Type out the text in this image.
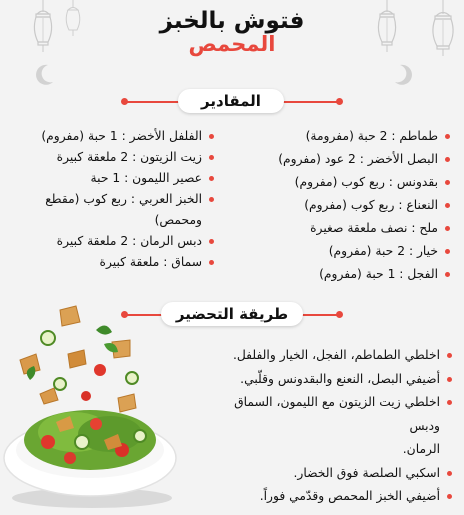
فتوش بالخبز
المحمص
المقادير
طماطم : 2 حبة (مفرومة)
البصل الأخضر : 2 عود (مفروم)
بقدونس : ربع كوب (مفروم)
النعناع : ربع كوب (مفروم)
ملح : نصف ملعقة صغيرة
خيار : 2 حبة (مفروم)
الفجل : 1 حبة (مفروم)
الفلفل الأخضر : 1 حبة (مفروم)
زيت الزيتون : 2 ملعقة كبيرة
عصير الليمون : 1 حبة
الخبز العربي : ربع كوب (مقطع
ومحمص)
دبس الرمان : 2 ملعقة كبيرة
سماق : ملعقة كبيرة
طريقة التحضير
اخلطي الطماطم، الفجل، الخيار والفلفل.
أضيفي البصل، النعنع والبقدونس وقلّبي.
اخلطي زيت الزيتون مع الليمون، السماق ودبس
الرمان.
اسكبي الصلصة فوق الخضار.
أضيفي الخبز المحمص وقدّمي فوراً.
